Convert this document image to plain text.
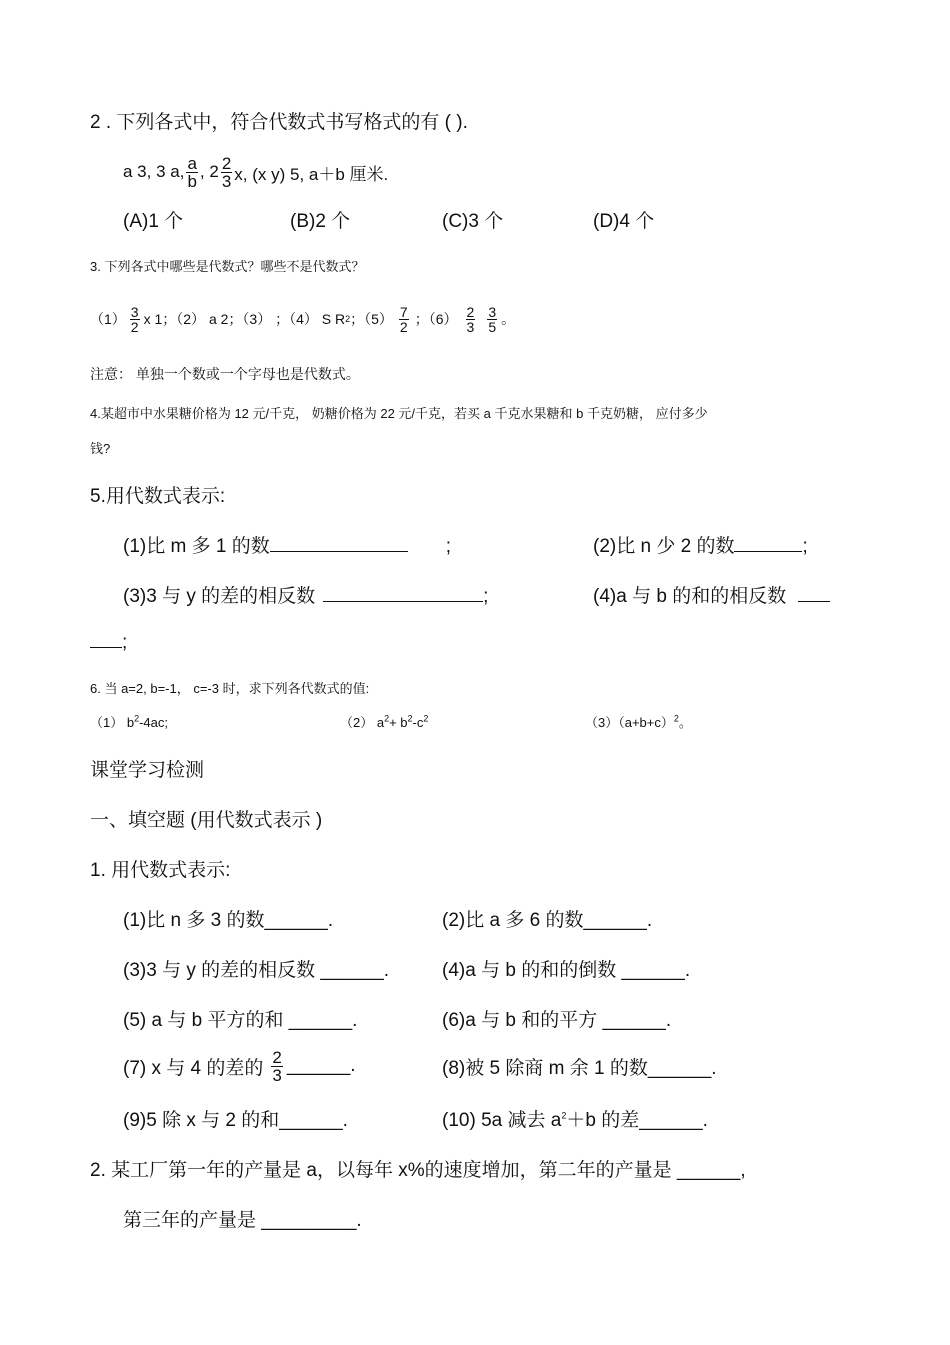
2 . 下列各式中，符合代数式书写格式的有 ( ).
a 3, 3 a, $\frac{a}{b}$ , $2 \frac{2}{3} x$, (x y) 5, a＋b 厘米.
(A)1 个	(B)2 个	(C)3 个	(D)4 个
3. 下列各式中哪些是代数式？哪些不是代数式？
$(1) \frac{3}{2}$ x 1；（2） a 2；（3） ；（4） S R 2 ；$(5) \frac{7}{2}$ ；$(6) \frac{2}{3} \frac{3}{5}$ 。
注意： 单独一个数或一个字母也是代数式。
4.某超市中水果糖价格为 12 元/千克， 奶糖价格为 22 元/千克，若买 a 千克水果糖和 b 千克奶糖， 应付多少
钱?
5.用代数式表示:
(1)比 m 多 1 的数	;	(2)比 n 少 2 的数	;
(3)3 与 y 的差的相反数	;	(4)a 与 b 的和的相反数
;
6. 当 a=2, b=-1， c=-3 时，求下列各代数式的值:
（1） $b^2-4ac$;	（2） $a^2+ b^2-c^2$	$(3)(a+b+c)^2$。
课堂学习检测
一、填空题 (用代数式表示 )
1. 用代数式表示:
(1)比 n 多 3 的数______.	(2)比 a 多 6 的数______.
(3)3 与 y 的差的相反数 ______.	(4)a 与 b 的和的倒数 ______.
(5) a 与 b 平方的和 ______.	(6)a 与 b 和的平方 ______.
(7) x 与 4 的差的 $\frac{2}{3}$ ______.	(8)被 5 除商 m 余 1 的数______.
(9)5 除 x 与 2 的和______.	(10) 5a 减去 $a^2+b$ 的差______.
2. 某工厂第一年的产量是 a，以每年 x%的速度增加，第二年的产量是 ______,
第三年的产量是 _________.
